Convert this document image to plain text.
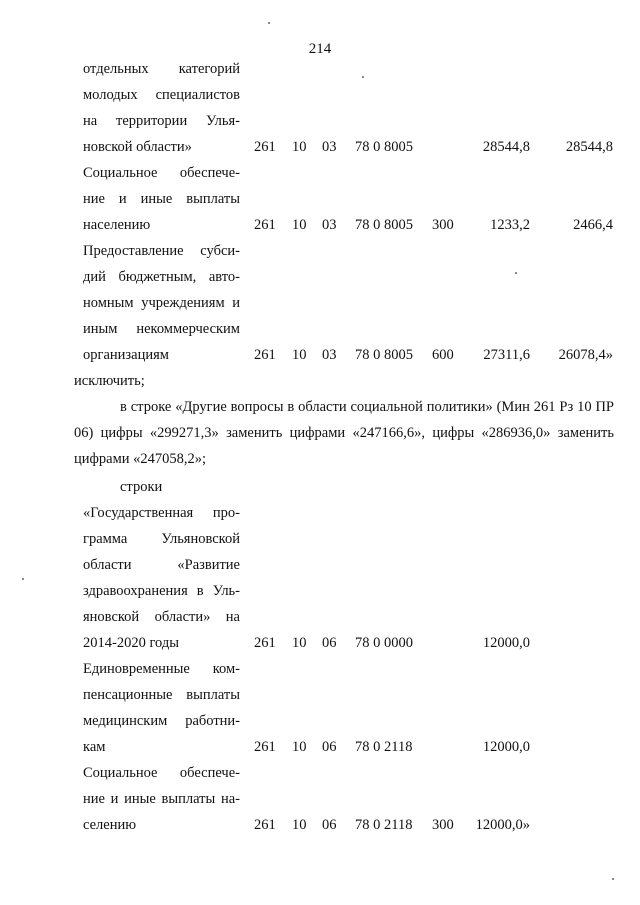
214
отдельных категорий
молодых специалистов
на территории Улья-
новской области»	261 10 03 78 0 8005	28544,8	28544,8
Социальное обеспече-
ние и иные выплаты
населению	261 10 03 78 0 8005 300	1233,2	2466,4
Предоставление субси-
дий бюджетным, авто-
номным учреждениям и
иным некоммерческим
организациям	261 10 03 78 0 8005 600	27311,6	26078,4»
исключить;
в строке «Другие вопросы в области социальной политики» (Мин 261 Рз 10 ПР 06) цифры «299271,3» заменить цифрами «247166,6», цифры «286936,0» заменить цифрами «247058,2»;
строки
«Государственная про-
грамма Ульяновской
области «Развитие
здравоохранения в Уль-
яновской области» на
2014-2020 годы	261 10 06 78 0 0000	12000,0
Единовременные ком-
пенсационные выплаты
медицинским работни-
кам	261 10 06 78 0 2118	12000,0
Социальное обеспече-
ние и иные выплаты на-
селению	261 10 06 78 0 2118 300	12000,0»
